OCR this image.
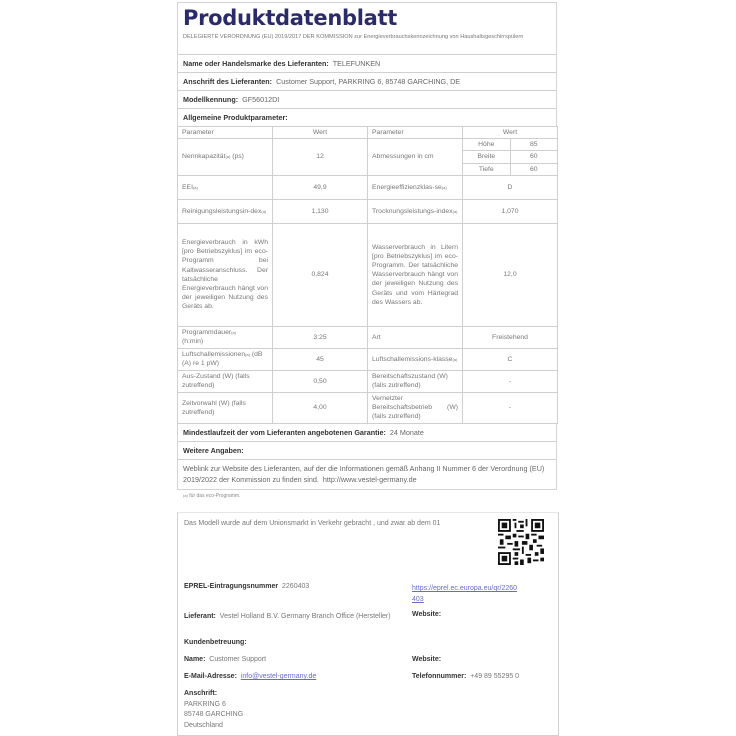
Produktdatenblatt
DELEGIERTE VERORDNUNG (EU) 2019/2017 DER KOMMISSION zur Energieverbrauchskennzeichnung von Haushaltsgeschirrspülern
Name oder Handelsmarke des Lieferanten: TELEFUNKEN
Anschrift des Lieferanten: Customer Support, PARKRING 6, 85748 GARCHING, DE
Modellkennung: GF56012DI
Allgemeine Produktparameter:
Parameter	Wert	Parameter	Wert
Nennkapazität$^{(a)}$ (ps)	12	Abmessungen in cm	
Höhe	85
Breite	60
Tiefe	60

EEI$^{(a)}$	49,9	Energieeffizienzklas-$se^{(a)}$	D
Reinigungsleistungsin-dex$^{(a)}$	1,130	Trocknungsleistungs-index$^{(a)}$	1,070
Energieverbrauch in kWh [pro Betriebszyklus] im eco-Programm bei Kaltwasseranschluss. Der tatsächliche Energieverbrauch hängt von der jeweiligen Nutzung des Geräts ab.	0,824	Wasserverbrauch in Litern [pro Betriebszyklus] im eco-Programm. Der tatsächliche Wasserverbrauch hängt von der jeweiligen Nutzung des Geräts und vom Härtegrad des Wassers ab.	12,0
Programmdauer$^{(a)}$
(h:min)	3:25	Art	Freistehend
Luftschallemissionen$^{(a)}$ (dB (A) re 1 pW)	45	Luftschallemissions-klasse$^{(a)}$	C
Aus-Zustand (W) (falls zutreffend)	0,50	Bereitschaftszustand (W) (falls zutreffend)	-
Zeitvorwahl (W) (falls zutreffend)	4,00	Vernetzter Bereitschaftsbetrieb (W) (falls zutreffend)	-
Mindestlaufzeit der vom Lieferanten angebotenen Garantie: 24 Monate
Weitere Angaben:
Weblink zur Website des Lieferanten, auf der die Informationen gemäß Anhang II Nummer 6 der Verordnung (EU) 2019/2022 der Kommission zu finden sind. http://www.vestel-germany.de
$^{(a)}$ für das eco-Programm.
Das Modell wurde auf dem Unionsmarkt in Verkehr gebracht , und zwar ab dem 01
EPREL-Eintragungsnummer 2260403	https://eprel.ec.europa.eu/qr/2260403
Lieferant: Vestel Holland B.V. Germany Branch Office (Hersteller)	Website:
Kundenbetreuung:
Name: Customer Support	Website:
E-Mail-Adresse: info@vestel-germany.de	Telefonnummer: +49 89 55295 0
Anschrift:
PARKRING 6
85748 GARCHING
Deutschland
